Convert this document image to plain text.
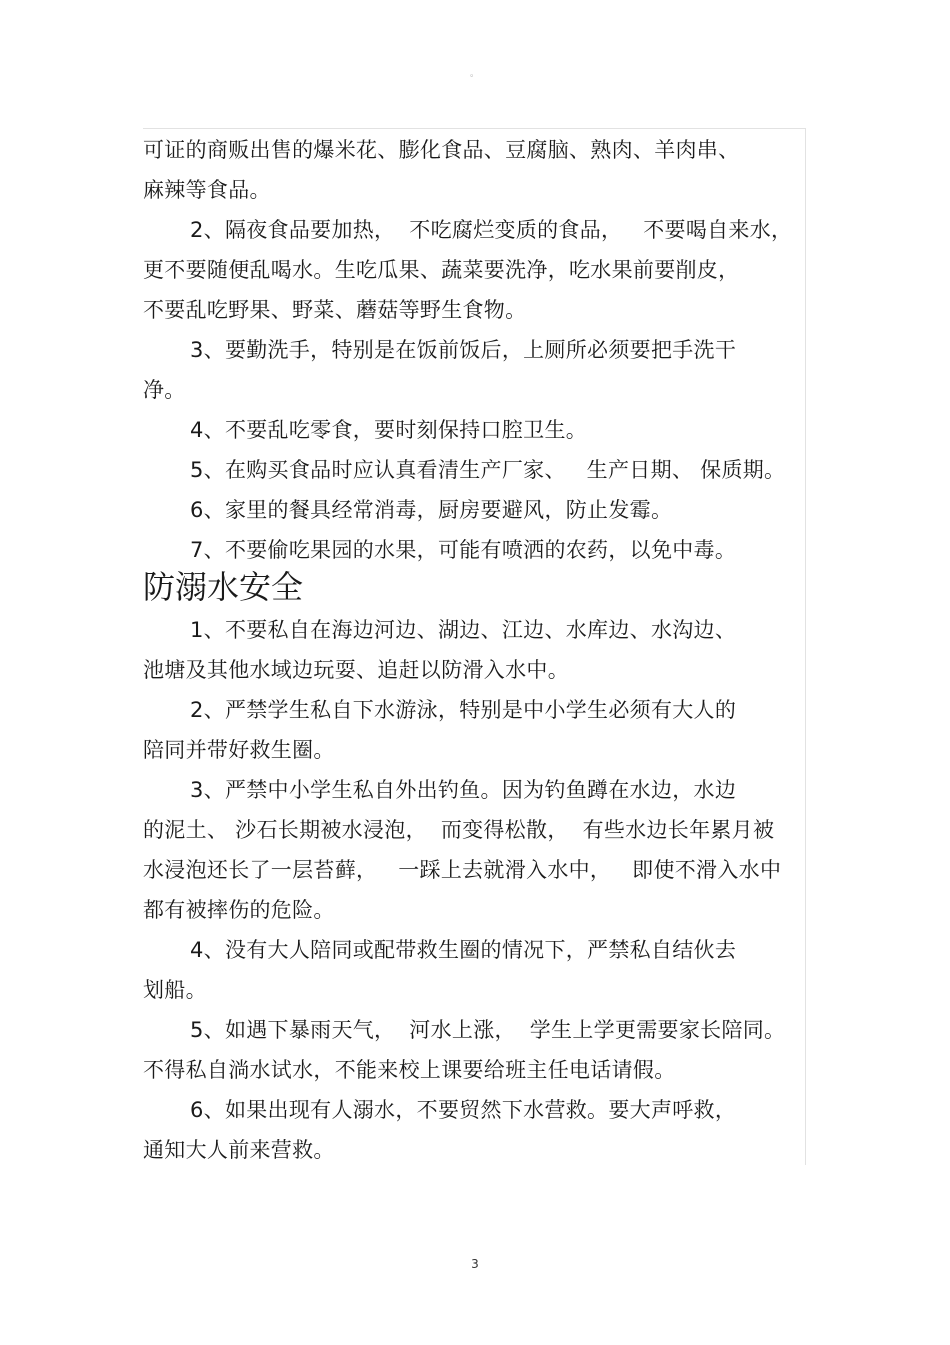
。
可证的商贩出售的爆米花、膨化食品、豆腐脑、熟肉、羊肉串、
麻辣等食品。
2、隔夜食品要加热，  不吃腐烂变质的食品，   不要喝自来水，
更不要随便乱喝水。生吃瓜果、蔬菜要洗净，吃水果前要削皮，
不要乱吃野果、野菜、蘑菇等野生食物。
3、要勤洗手，特别是在饭前饭后，上厕所必须要把手洗干
净。
4、不要乱吃零食，要时刻保持口腔卫生。
5、在购买食品时应认真看清生产厂家、   生产日期、 保质期。
6、家里的餐具经常消毒，厨房要避风，防止发霉。
7、不要偷吃果园的水果，可能有喷洒的农药，以免中毒。
防溺水安全
1、不要私自在海边河边、湖边、江边、水库边、水沟边、
池塘及其他水域边玩耍、追赶以防滑入水中。
2、严禁学生私自下水游泳，特别是中小学生必须有大人的
陪同并带好救生圈。
3、严禁中小学生私自外出钓鱼。因为钓鱼蹲在水边，水边
的泥土、 沙石长期被水浸泡，  而变得松散，  有些水边长年累月被
水浸泡还长了一层苔藓，   一踩上去就滑入水中，   即使不滑入水中
都有被摔伤的危险。
4、没有大人陪同或配带救生圈的情况下，严禁私自结伙去
划船。
5、如遇下暴雨天气，  河水上涨，  学生上学更需要家长陪同。
不得私自淌水试水，不能来校上课要给班主任电话请假。
6、如果出现有人溺水，不要贸然下水营救。要大声呼救，
通知大人前来营救。
3
